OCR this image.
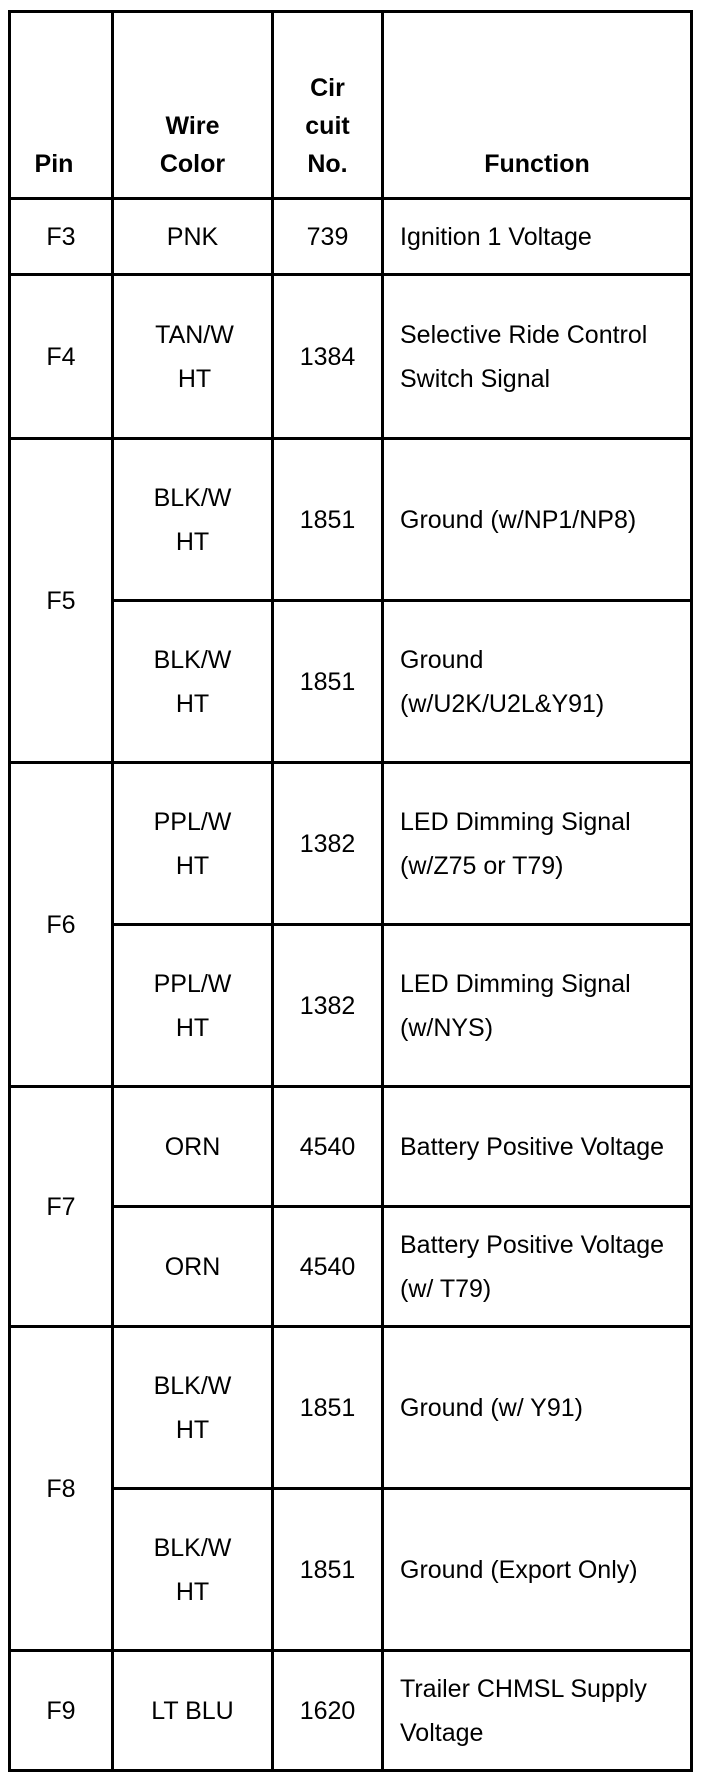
Pin	Wire Color	Cir cuit No.	Function
F3	PNK	739	Ignition 1 Voltage
F4	TAN/W HT	1384	Selective Ride Control Switch Signal
F5	BLK/W HT	1851	Ground (w/NP1/NP8)
	BLK/W HT	1851	Ground (w/U2K/U2L&Y91)
F6	PPL/W HT	1382	LED Dimming Signal (w/Z75 or T79)
	PPL/W HT	1382	LED Dimming Signal (w/NYS)
F7	ORN	4540	Battery Positive Voltage
	ORN	4540	Battery Positive Voltage (w/ T79)
F8	BLK/W HT	1851	Ground (w/ Y91)
	BLK/W HT	1851	Ground (Export Only)
F9	LT BLU	1620	Trailer CHMSL Supply Voltage
